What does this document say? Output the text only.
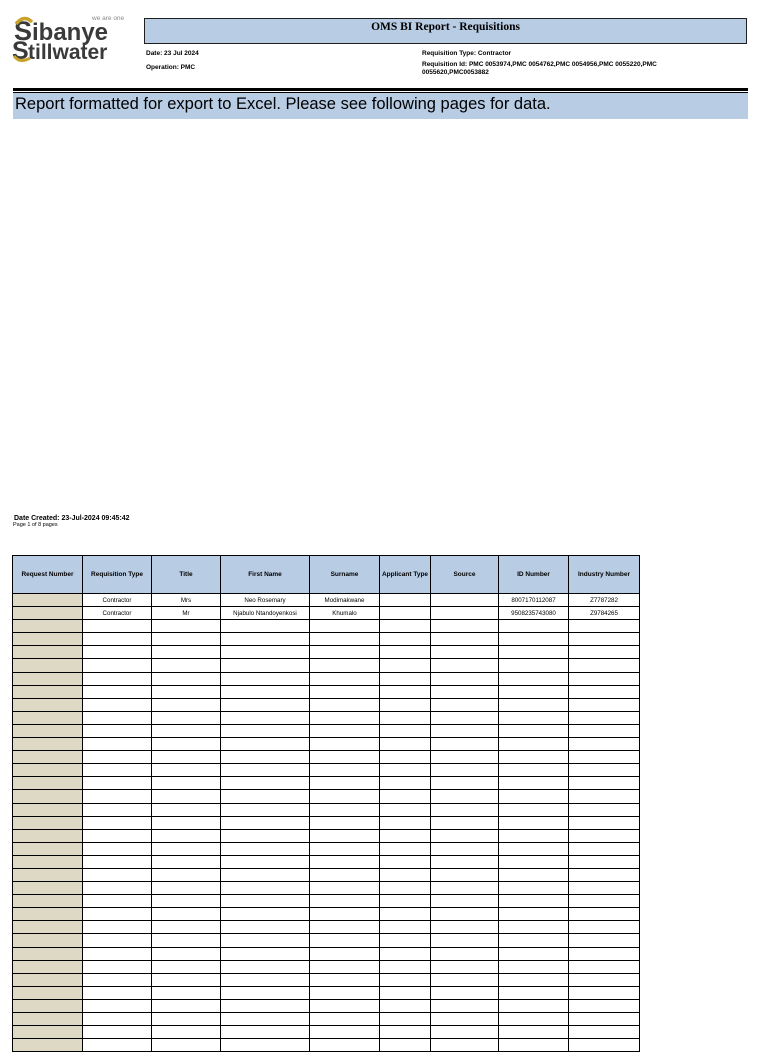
we are one
S ibanye
S tillwater
OMS BI Report - Requisitions
Date: 23 Jul 2024
Operation: PMC
Requisition Type: Contractor
Requisition Id: PMC 0053974,PMC 0054762,PMC 0054956,PMC 0055220,PMC 0055620,PMC0053882
Report formatted for export to Excel. Please see following pages for data.
Date Created: 23-Jul-2024 09:45:42
Page 1 of 8 pages
Request Number	Requisition Type	Title	First Name	Surname	Applicant Type	Source	ID Number	Industry Number
	Contractor	Mrs	Neo Rosemary	Modimakwane			8007170112087	Z7787282
	Contractor	Mr	Njabulo Ntandoyenkosi	Khumalo			9508235743080	Z9784265
